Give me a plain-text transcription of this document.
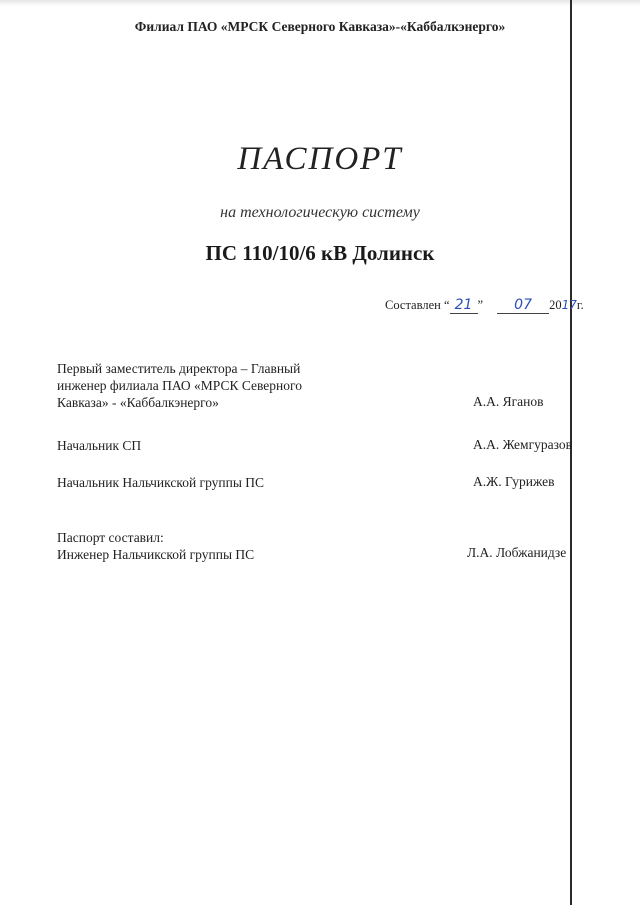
Филиал ПАО «МРСК Северного Кавказа»-«Каббалкэнерго»
ПАСПОРТ
на технологическую систему
ПС 110/10/6 кВ Долинск
Составлен “ 21 ” 07 2017г.
Первый заместитель директора – Главный
инженер филиала ПАО «МРСК Северного
Кавказа» - «Каббалкэнерго»	А.А. Яганов
Начальник СП	А.А. Жемгуразов
Начальник Нальчикской группы ПС	А.Ж. Гурижев
Паспорт составил:
Инженер Нальчикской группы ПС	Л.А. Лобжанидзе
